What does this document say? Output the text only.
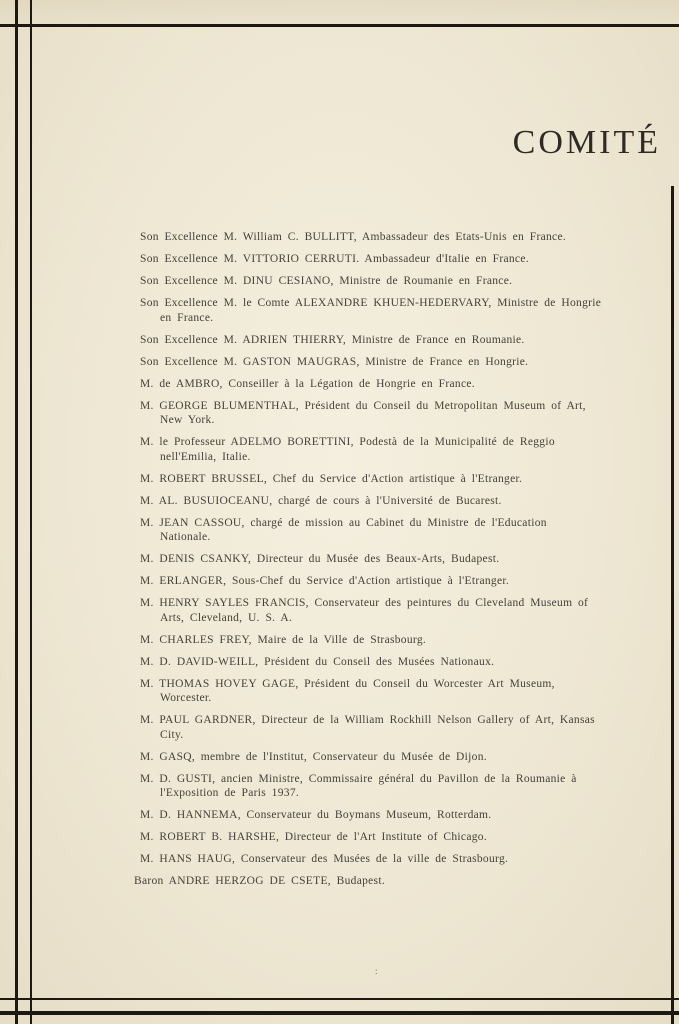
COMITÉ

Son Excellence M. William C. BULLITT, Ambassadeur des Etats-Unis en France.

Son Excellence M. VITTORIO CERRUTI. Ambassadeur d'Italie en France.

Son Excellence M. DINU CESIANO, Ministre de Roumanie en France.

Son Excellence M. le Comte ALEXANDRE KHUEN-HEDERVARY, Ministre de Hongrie en France.

Son Excellence M. ADRIEN THIERRY, Ministre de France en Roumanie.

Son Excellence M. GASTON MAUGRAS, Ministre de France en Hongrie.

M. de AMBRO, Conseiller à la Légation de Hongrie en France.

M. GEORGE BLUMENTHAL, Président du Conseil du Metropolitan Museum of Art, New York.

M. le Professeur ADELMO BORETTINI, Podestà de la Municipalité de Reggio nell'Emilia, Italie.

M. ROBERT BRUSSEL, Chef du Service d'Action artistique à l'Etranger.

M. AL. BUSUIOCEANU, chargé de cours à l'Université de Bucarest.

M. JEAN CASSOU, chargé de mission au Cabinet du Ministre de l'Education Nationale.

M. DENIS CSANKY, Directeur du Musée des Beaux-Arts, Budapest.

M. ERLANGER, Sous-Chef du Service d'Action artistique à l'Etranger.

M. HENRY SAYLES FRANCIS, Conservateur des peintures du Cleveland Museum of Arts, Cleveland, U. S. A.

M. CHARLES FREY, Maire de la Ville de Strasbourg.

M. D. DAVID-WEILL, Président du Conseil des Musées Nationaux.

M. THOMAS HOVEY GAGE, Président du Conseil du Worcester Art Museum, Worcester.

M. PAUL GARDNER, Directeur de la William Rockhill Nelson Gallery of Art, Kansas City.

M. GASQ, membre de l'Institut, Conservateur du Musée de Dijon.

M. D. GUSTI, ancien Ministre, Commissaire général du Pavillon de la Roumanie à l'Exposition de Paris 1937.

M. D. HANNEMA, Conservateur du Boymans Museum, Rotterdam.

M. ROBERT B. HARSHE, Directeur de l'Art Institute of Chicago.

M. HANS HAUG, Conservateur des Musées de la ville de Strasbourg.

Baron ANDRE HERZOG DE CSETE, Budapest.

:
